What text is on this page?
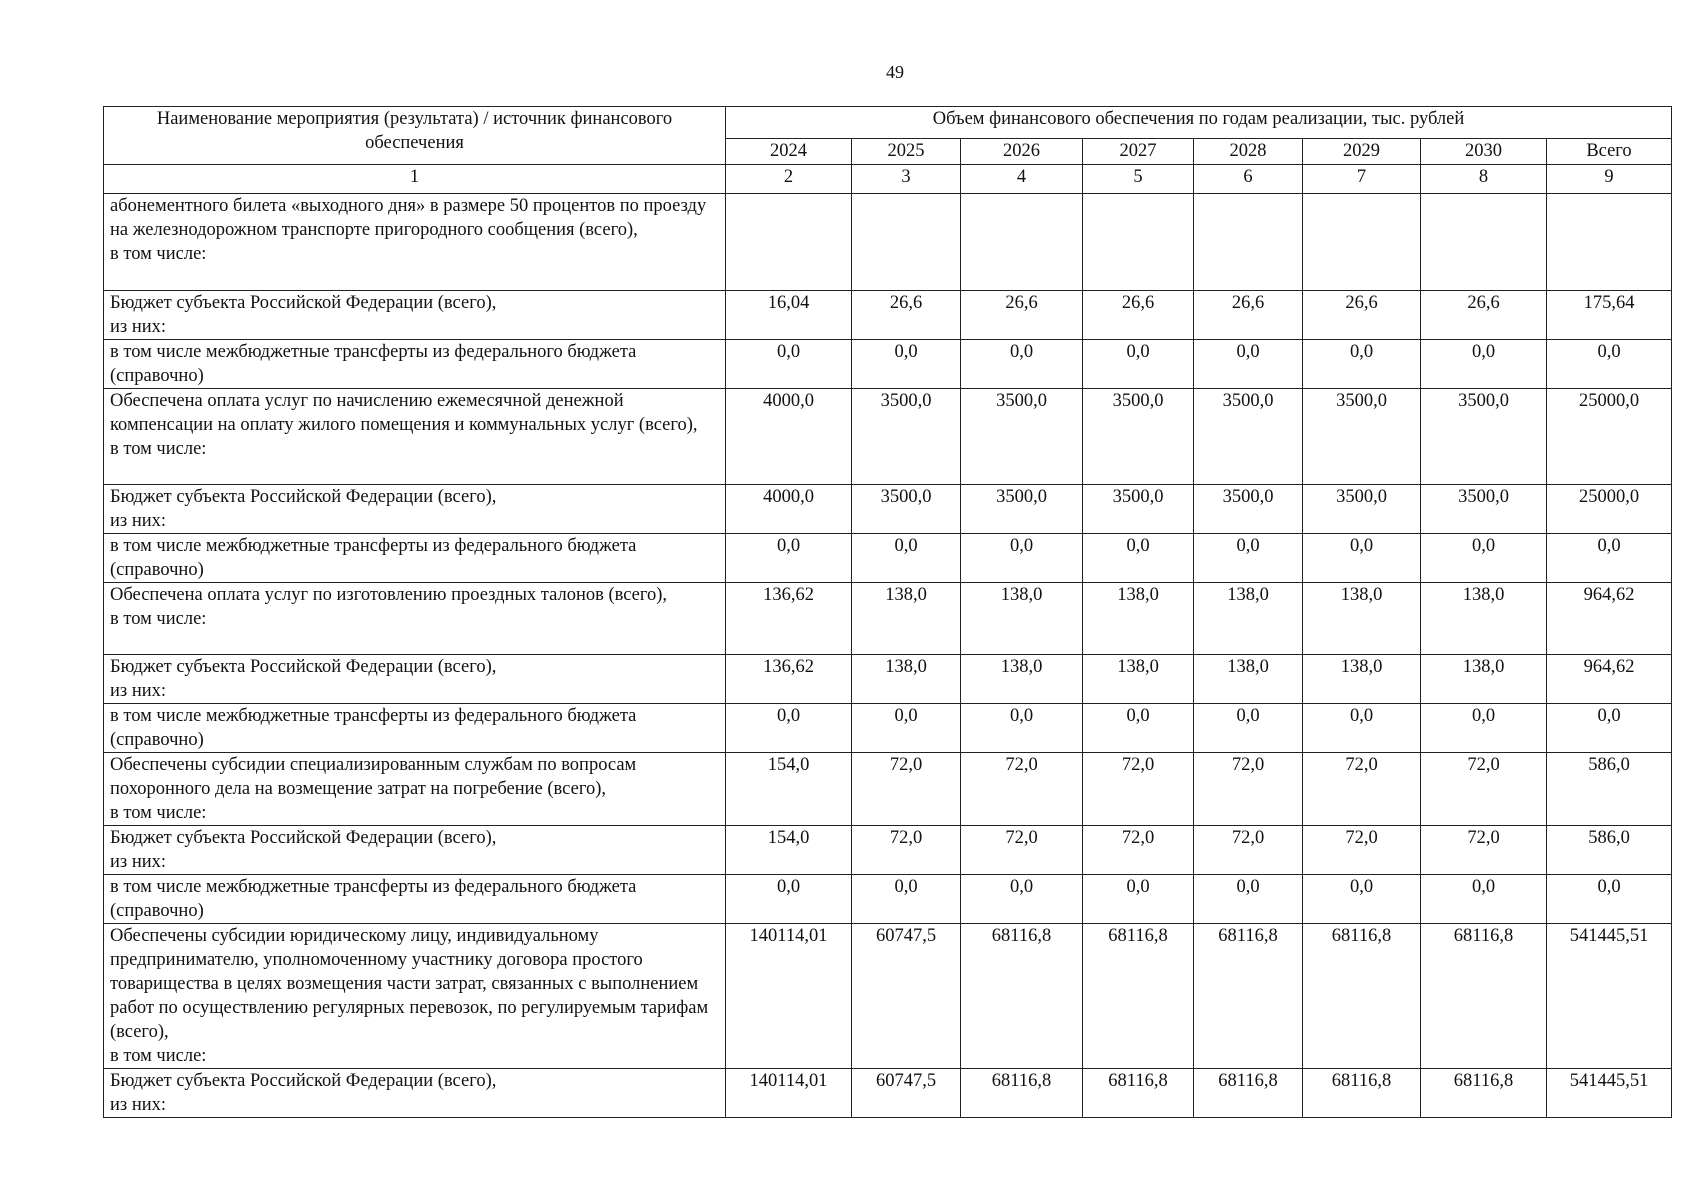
49
Наименование мероприятия (результата) / источник финансового обеспечения	Объем финансового обеспечения по годам реализации, тыс. рублей							
	2024	2025	2026	2027	2028	2029	2030	Всего
1	2	3	4	5	6	7	8	9
абонементного билета «выходного дня» в размере 50 процентов по проезду на железнодорожном транспорте пригородного сообщения (всего),
в том числе:								
Бюджет субъекта Российской Федерации (всего),
из них:	16,04	26,6	26,6	26,6	26,6	26,6	26,6	175,64
в том числе межбюджетные трансферты из федерального бюджета (справочно)	0,0	0,0	0,0	0,0	0,0	0,0	0,0	0,0
Обеспечена оплата услуг по начислению ежемесячной денежной компенсации на оплату жилого помещения и коммунальных услуг (всего),
в том числе:	4000,0	3500,0	3500,0	3500,0	3500,0	3500,0	3500,0	25000,0
Бюджет субъекта Российской Федерации (всего),
из них:	4000,0	3500,0	3500,0	3500,0	3500,0	3500,0	3500,0	25000,0
в том числе межбюджетные трансферты из федерального бюджета (справочно)	0,0	0,0	0,0	0,0	0,0	0,0	0,0	0,0
Обеспечена оплата услуг по изготовлению проездных талонов (всего),
в том числе:	136,62	138,0	138,0	138,0	138,0	138,0	138,0	964,62
Бюджет субъекта Российской Федерации (всего),
из них:	136,62	138,0	138,0	138,0	138,0	138,0	138,0	964,62
в том числе межбюджетные трансферты из федерального бюджета (справочно)	0,0	0,0	0,0	0,0	0,0	0,0	0,0	0,0
Обеспечены субсидии специализированным службам по вопросам похоронного дела на возмещение затрат на погребение (всего),
в том числе:	154,0	72,0	72,0	72,0	72,0	72,0	72,0	586,0
Бюджет субъекта Российской Федерации (всего),
из них:	154,0	72,0	72,0	72,0	72,0	72,0	72,0	586,0
в том числе межбюджетные трансферты из федерального бюджета (справочно)	0,0	0,0	0,0	0,0	0,0	0,0	0,0	0,0
Обеспечены субсидии юридическому лицу, индивидуальному предпринимателю, уполномоченному участнику договора простого товарищества в целях возмещения части затрат, связанных с выполнением работ по осуществлению регулярных перевозок, по регулируемым тарифам (всего),
в том числе:	140114,01	60747,5	68116,8	68116,8	68116,8	68116,8	68116,8	541445,51
Бюджет субъекта Российской Федерации (всего),
из них:	140114,01	60747,5	68116,8	68116,8	68116,8	68116,8	68116,8	541445,51
